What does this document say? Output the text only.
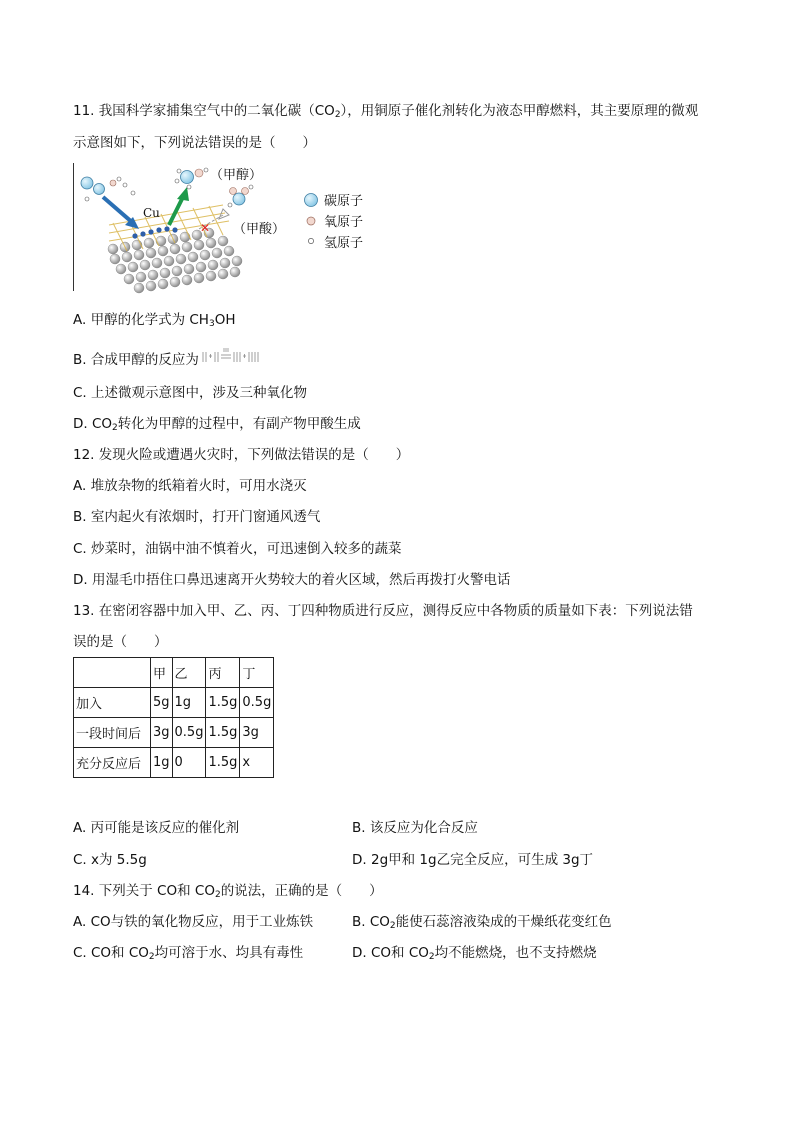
11. 我国科学家捕集空气中的二氧化碳$(CO_2)$，用铜原子催化剂转化为液态甲醇燃料，其主要原理的微观
示意图如下，下列说法错误的是（　　）
Cu
（甲醇）
✕ （甲酸）
碳原子
氧原子
氢原子
A. 甲醇的化学式为 $CH_3OH$
B. 合成甲醇的反应为
C. 上述微观示意图中，涉及三种氧化物
D. $CO_2$转化为甲醇的过程中，有副产物甲酸生成
12. 发现火险或遭遇火灾时，下列做法错误的是（　　）
A. 堆放杂物的纸箱着火时，可用水浇灭
B. 室内起火有浓烟时，打开门窗通风透气
C. 炒菜时，油锅中油不慎着火，可迅速倒入较多的蔬菜
D. 用湿毛巾捂住口鼻迅速离开火势较大的着火区域，然后再拨打火警电话
13. 在密闭容器中加入甲、乙、丙、丁四种物质进行反应，测得反应中各物质的质量如下表：下列说法错
误的是（　　）
	甲	乙	丙	丁
加入	5g	1g	1.5g	0.5g
一段时间后	3g	0.5g	1.5g	3g
充分反应后	1g	0	1.5g	x
A. 丙可能是该反应的催化剂	B. 该反应为化合反应
C. x为 5.5g	D. 2g甲和 1g乙完全反应，可生成 3g丁
14. 下列关于 CO和 $CO_2$的说法，正确的是（　　）
A. CO与铁的氧化物反应，用于工业炼铁	B. $CO_2$能使石蕊溶液染成的干燥纸花变红色
C. CO和 $CO_2$均可溶于水、均具有毒性	D. CO和 $CO_2$均不能燃烧，也不支持燃烧
